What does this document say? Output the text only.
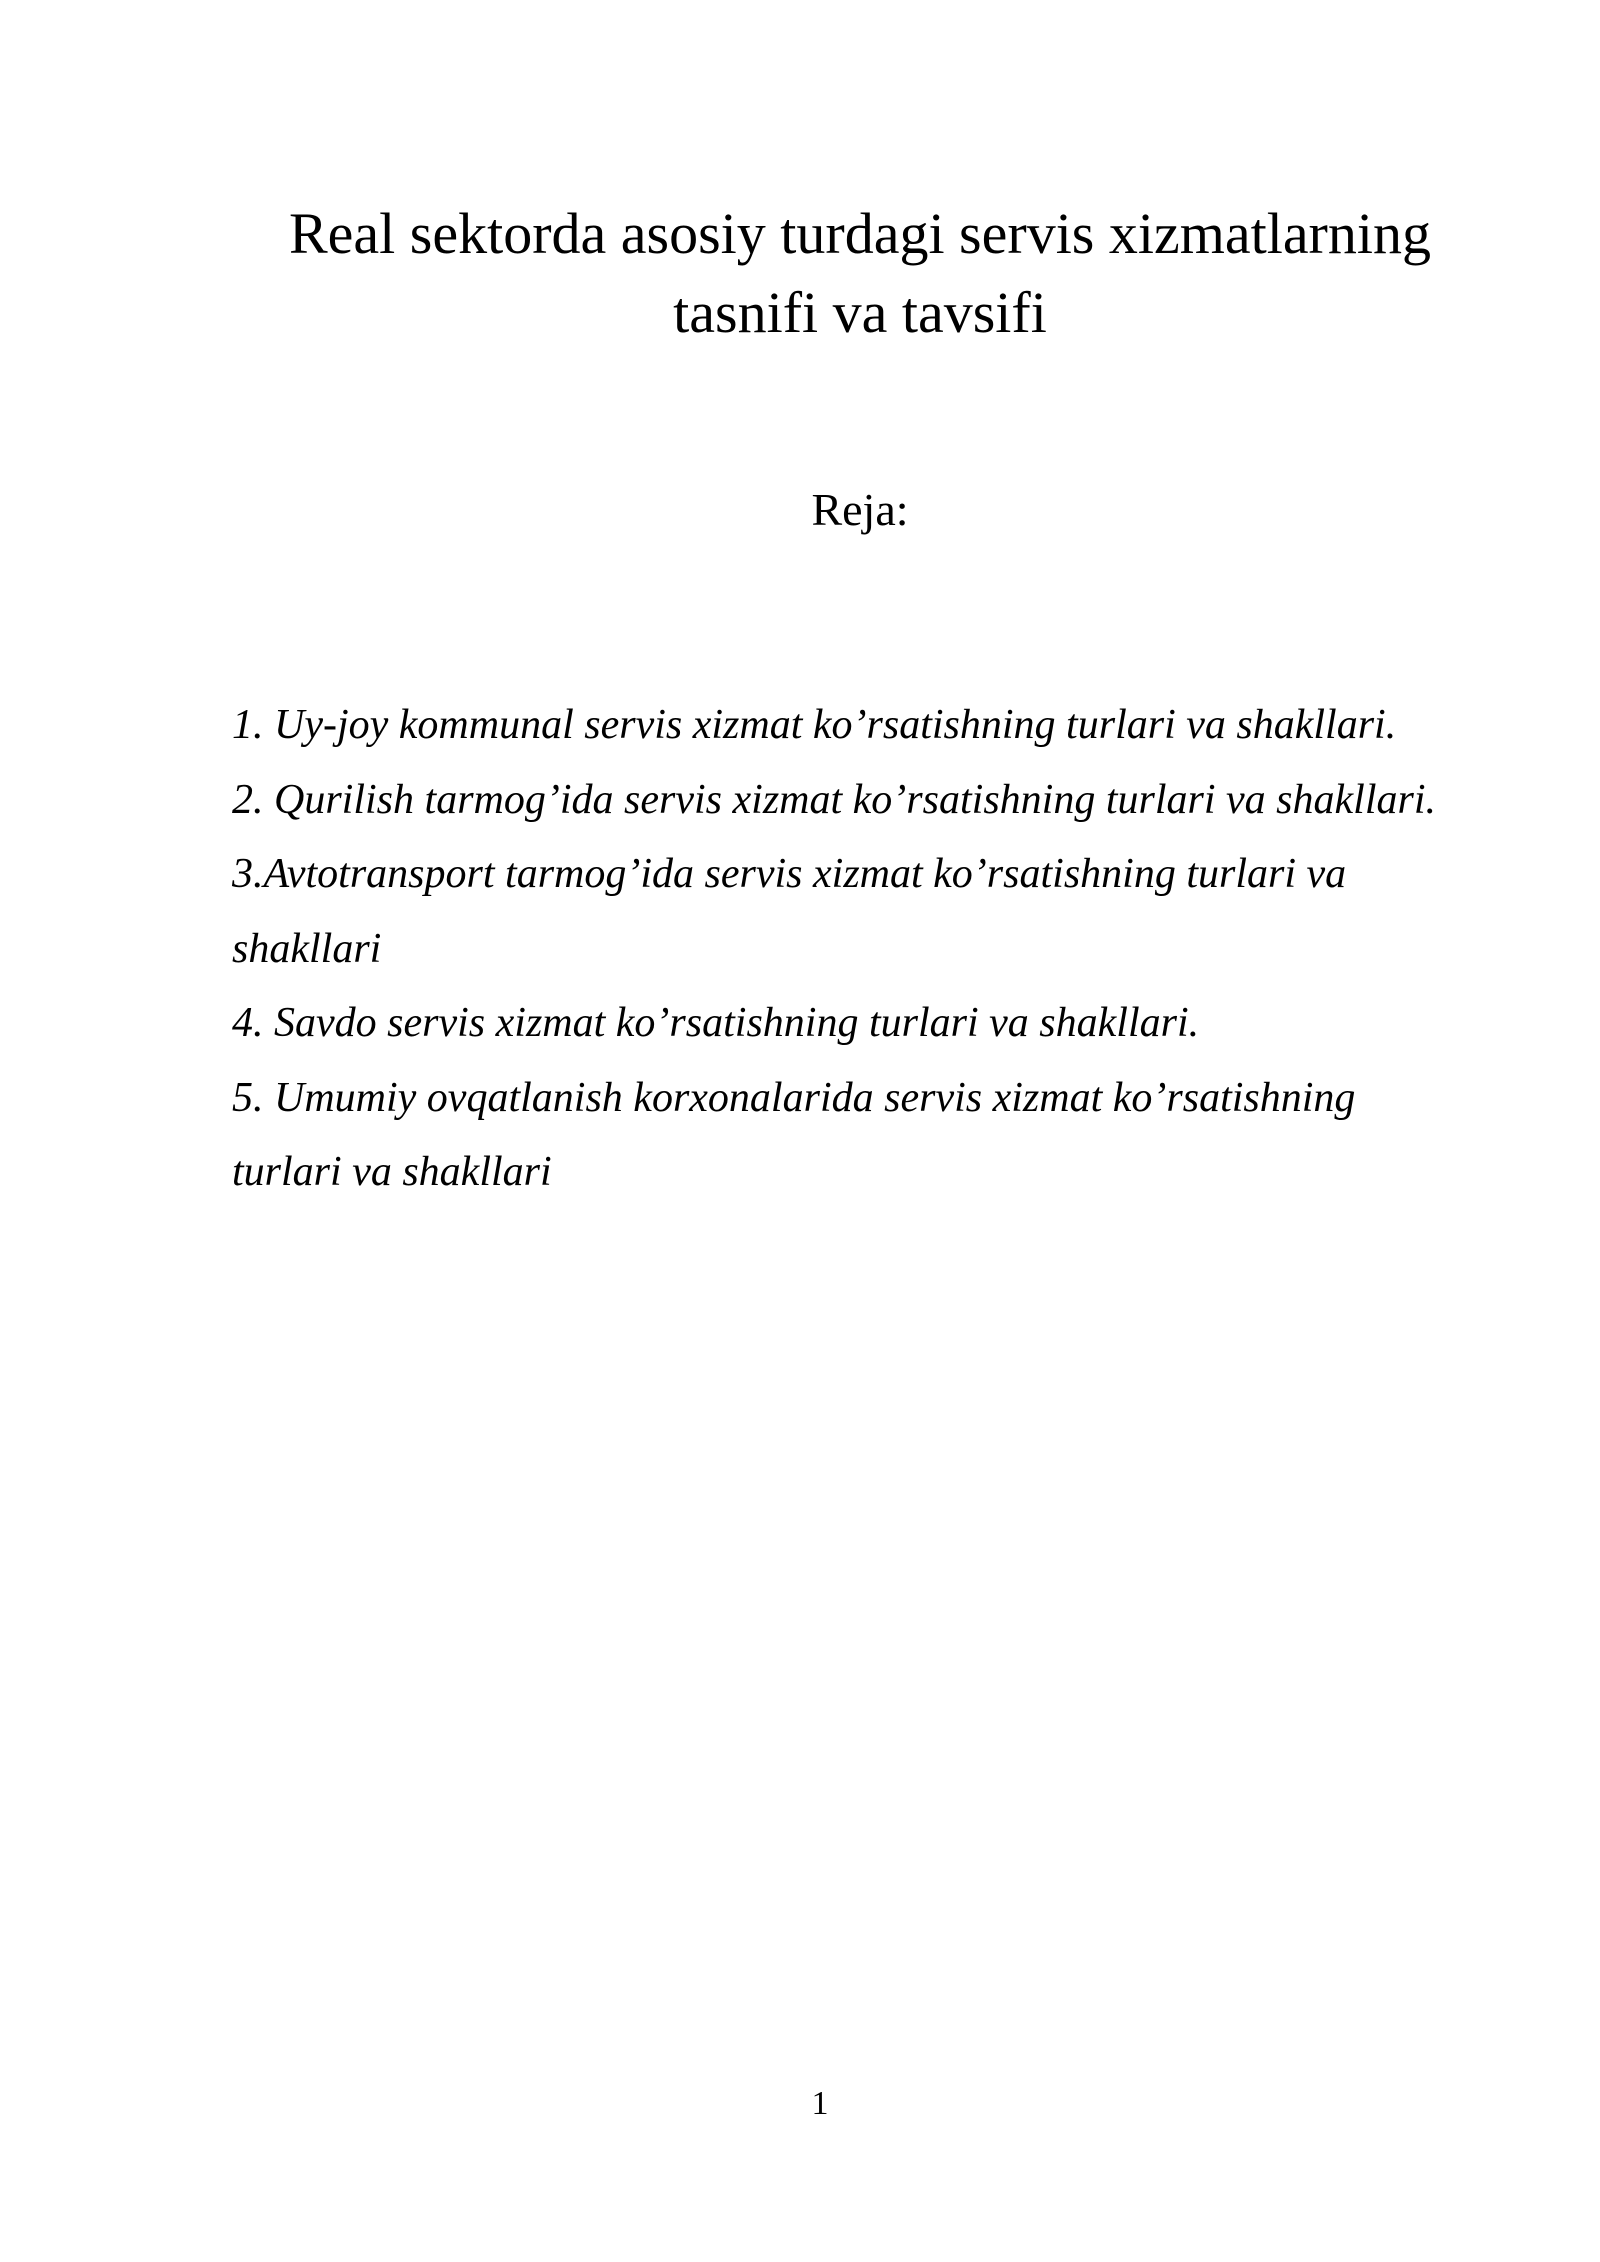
Real sektorda asosiy turdagi servis xizmatlarning
tasnifi va tavsifi
Reja:
1. Uy-joy kommunal servis xizmat ko’rsatishning turlari va shakllari.
2. Qurilish tarmog’ida servis xizmat ko’rsatishning turlari va shakllari.
3.Avtotransport tarmog’ida servis xizmat ko’rsatishning turlari va
shakllari
4. Savdo servis xizmat ko’rsatishning turlari va shakllari.
5. Umumiy ovqatlanish korxonalarida servis xizmat ko’rsatishning
turlari va shakllari
1
